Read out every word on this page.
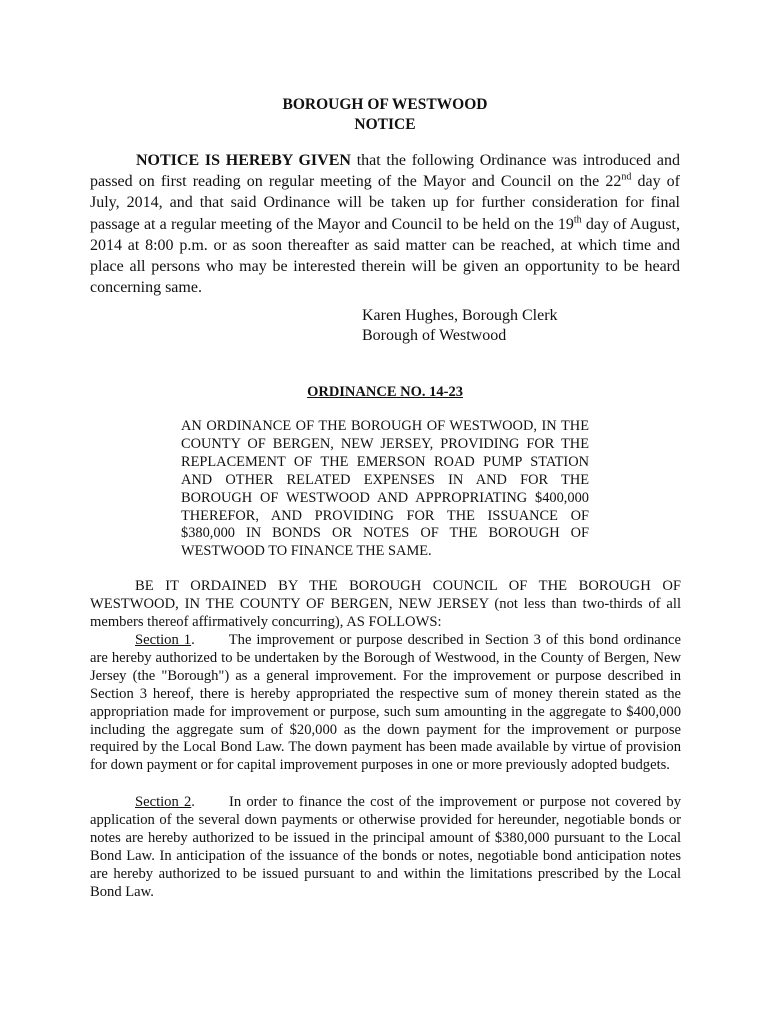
BOROUGH OF WESTWOOD
NOTICE

NOTICE IS HEREBY GIVEN that the following Ordinance was introduced and passed on first reading on regular meeting of the Mayor and Council on the 22nd day of July, 2014, and that said Ordinance will be taken up for further consideration for final passage at a regular meeting of the Mayor and Council to be held on the 19th day of August, 2014 at 8:00 p.m. or as soon thereafter as said matter can be reached, at which time and place all persons who may be interested therein will be given an opportunity to be heard concerning same.

Karen Hughes, Borough Clerk
Borough of Westwood
ORDINANCE NO. 14-23

AN ORDINANCE OF THE BOROUGH OF WESTWOOD, IN THE COUNTY OF BERGEN, NEW JERSEY, PROVIDING FOR THE REPLACEMENT OF THE EMERSON ROAD PUMP STATION AND OTHER RELATED EXPENSES IN AND FOR THE BOROUGH OF WESTWOOD AND APPROPRIATING $400,000 THEREFOR, AND PROVIDING FOR THE ISSUANCE OF $380,000 IN BONDS OR NOTES OF THE BOROUGH OF WESTWOOD TO FINANCE THE SAME.

BE IT ORDAINED BY THE BOROUGH COUNCIL OF THE BOROUGH OF WESTWOOD, IN THE COUNTY OF BERGEN, NEW JERSEY (not less than two-thirds of all members thereof affirmatively concurring), AS FOLLOWS:

Section 1. The improvement or purpose described in Section 3 of this bond ordinance are hereby authorized to be undertaken by the Borough of Westwood, in the County of Bergen, New Jersey (the "Borough") as a general improvement. For the improvement or purpose described in Section 3 hereof, there is hereby appropriated the respective sum of money therein stated as the appropriation made for improvement or purpose, such sum amounting in the aggregate to $400,000 including the aggregate sum of $20,000 as the down payment for the improvement or purpose required by the Local Bond Law. The down payment has been made available by virtue of provision for down payment or for capital improvement purposes in one or more previously adopted budgets.

Section 2. In order to finance the cost of the improvement or purpose not covered by application of the several down payments or otherwise provided for hereunder, negotiable bonds or notes are hereby authorized to be issued in the principal amount of $380,000 pursuant to the Local Bond Law. In anticipation of the issuance of the bonds or notes, negotiable bond anticipation notes are hereby authorized to be issued pursuant to and within the limitations prescribed by the Local Bond Law.
